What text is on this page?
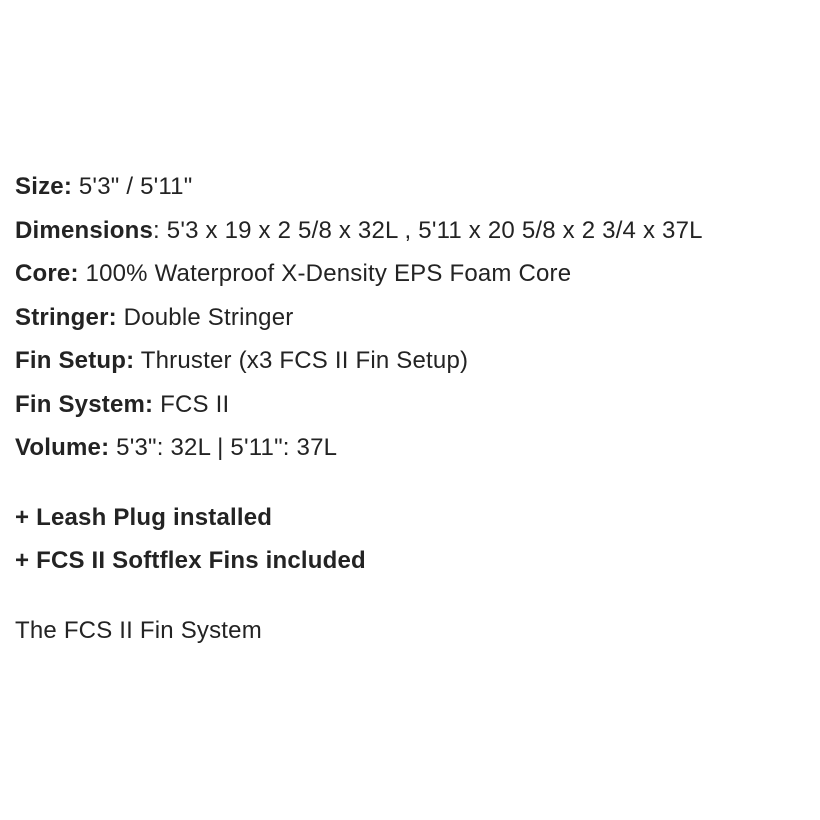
Size: 5'3" / 5'11"
Dimensions: 5'3 x 19 x 2 5/8 x 32L , 5'11 x 20 5/8 x 2 3/4 x 37L
Core: 100% Waterproof X-Density EPS Foam Core
Stringer: Double Stringer
Fin Setup: Thruster (x3 FCS II Fin Setup)
Fin System: FCS II
Volume: 5'3": 32L | 5'11": 37L
+ Leash Plug installed
+ FCS II Softflex Fins included
The FCS II Fin System
